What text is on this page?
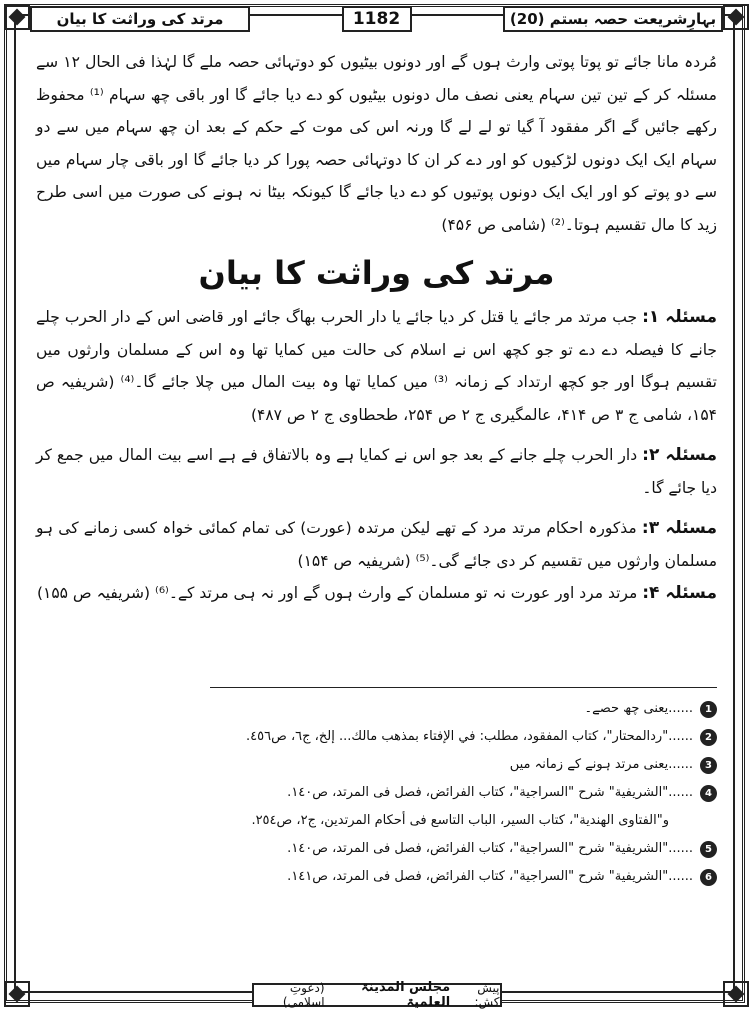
بہارِشریعت حصہ بستم (20)
1182
مرتد کی وراثت کا بیان

مُردہ مانا جائے تو پوتا پوتی وارث ہوں گے اور دونوں بیٹیوں کو دوتہائی حصہ ملے گا لہٰذا فی الحال ۱۲ سے مسئلہ کر کے تین تین سہام یعنی نصف مال دونوں بیٹیوں کو دے دیا جائے گا اور باقی چھ سہام ⁽¹⁾ محفوظ رکھے جائیں گے اگر مفقود آ گیا تو لے لے گا ورنہ اس کی موت کے حکم کے بعد ان چھ سہام میں سے دو سہام ایک ایک دونوں لڑکیوں کو اور دے کر ان کا دوتہائی حصہ پورا کر دیا جائے گا اور باقی چار سہام میں سے دو پوتے کو اور ایک ایک دونوں پوتیوں کو دے دیا جائے گا کیونکہ بیٹا نہ ہونے کی صورت میں اسی طرح زید کا مال تقسیم ہوتا۔⁽²⁾ (شامی ص ۴۵۶)

مرتد کی وراثت کا بیان

مسئلہ ۱: جب مرتد مر جائے یا قتل کر دیا جائے یا دار الحرب بھاگ جائے اور قاضی اس کے دار الحرب چلے جانے کا فیصلہ دے دے تو جو کچھ اس نے اسلام کی حالت میں کمایا تھا وہ اس کے مسلمان وارثوں میں تقسیم ہوگا اور جو کچھ ارتداد کے زمانہ ⁽³⁾ میں کمایا تھا وہ بیت المال میں چلا جائے گا۔⁽⁴⁾ (شریفیہ ص ۱۵۴، شامی ج ۳ ص ۴۱۴، عالمگیری ج ۲ ص ۲۵۴، طحطاوی ج ۲ ص ۴۸۷)

مسئلہ ۲: دار الحرب چلے جانے کے بعد جو اس نے کمایا ہے وہ بالاتفاق فے ہے اسے بیت المال میں جمع کر دیا جائے گا۔

مسئلہ ۳: مذکورہ احکام مرتد مرد کے تھے لیکن مرتدہ (عورت) کی تمام کمائی خواہ کسی زمانے کی ہو مسلمان وارثوں میں تقسیم کر دی جائے گی۔⁽⁵⁾ (شریفیہ ص ۱۵۴)

مسئلہ ۴: مرتد مرد اور عورت نہ تو مسلمان کے وارث ہوں گے اور نہ ہی مرتد کے۔⁽⁶⁾ (شریفیہ ص ۱۵۵)

1
......یعنی چھ حصے۔
2
......"ردالمحتار"، کتاب المفقود، مطلب: في الإفتاء بمذهب مالك... إلخ، ج٦، ص٤٥٦.
3
......یعنی مرتد ہونے کے زمانہ میں
4
......"الشریفیة" شرح "السراجیة"، کتاب الفرائض، فصل فی المرتد، ص١٤٠.
و"الفتاوی الهندیة"، کتاب السیر، الباب التاسع فی أحکام المرتدین، ج٢، ص٢٥٤.
5
......"الشریفیة" شرح "السراجیة"، کتاب الفرائض، فصل فی المرتد، ص١٤٠.
6
......"الشریفیة" شرح "السراجیة"، کتاب الفرائض، فصل فی المرتد، ص١٤١.
پیش کش:
مجلس المدینۃ العلمیۃ
(دعوتِ اسلامی)
